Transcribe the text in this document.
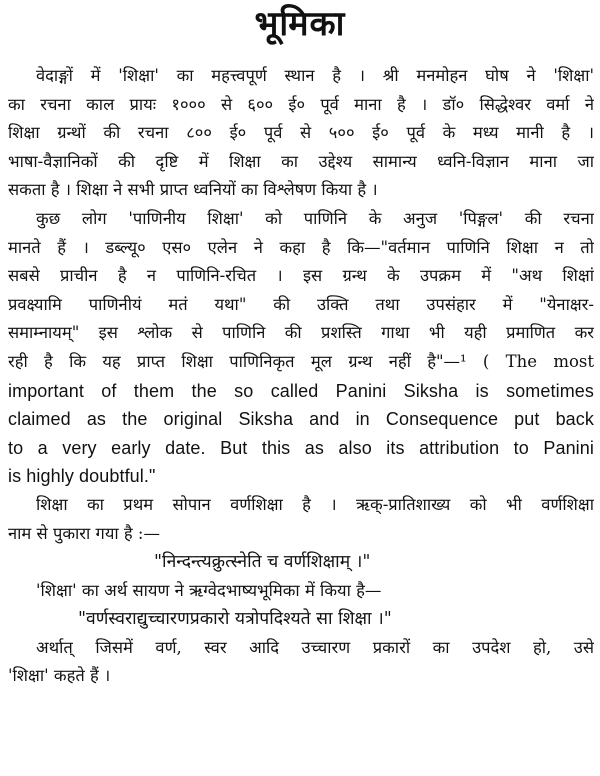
भूमिका
वेदाङ्गों में 'शिक्षा' का महत्त्वपूर्ण स्थान है । श्री मनमोहन घोष ने 'शिक्षा'
का रचना काल प्रायः १००० से ६०० ई० पूर्व माना है । डॉ० सिद्धेश्वर वर्मा ने
शिक्षा ग्रन्थों की रचना ८०० ई० पूर्व से ५०० ई० पूर्व के मध्य मानी है ।
भाषा-वैज्ञानिकों की दृष्टि में शिक्षा का उद्देश्य सामान्य ध्वनि-विज्ञान माना जा
सकता है । शिक्षा ने सभी प्राप्त ध्वनियों का विश्लेषण किया है ।
कुछ लोग 'पाणिनीय शिक्षा' को पाणिनि के अनुज 'पिङ्गल' की रचना
मानते हैं । डब्ल्यू० एस० एलेन ने कहा है कि—"वर्तमान पाणिनि शिक्षा न तो
सबसे प्राचीन है न पाणिनि-रचित । इस ग्रन्थ के उपक्रम में "अथ शिक्षां
प्रवक्ष्यामि पाणिनीयं मतं यथा" की उक्ति तथा उपसंहार में "येनाक्षर-
समाम्नायम्" इस श्लोक से पाणिनि की प्रशस्ति गाथा भी यही प्रमाणित कर
रही है कि यह प्राप्त शिक्षा पाणिनिकृत मूल ग्रन्थ नहीं है"—¹ ( The most
important of them the so called Panini Siksha is sometimes
claimed as the original Siksha and in Consequence put back
to a very early date. But this as also its attribution to Panini
is highly doubtful."
शिक्षा का प्रथम सोपान वर्णशिक्षा है । ऋक्-प्रातिशाख्य को भी वर्णशिक्षा
नाम से पुकारा गया है :—
"निन्दन्त्यक्रुत्स्नेति च वर्णशिक्षाम् ।"
'शिक्षा' का अर्थ सायण ने ऋग्वेदभाष्यभूमिका में किया है—
"वर्णस्वराद्युच्चारणप्रकारो यत्रोपदिश्यते सा शिक्षा ।"
अर्थात् जिसमें वर्ण, स्वर आदि उच्चारण प्रकारों का उपदेश हो, उसे
'शिक्षा' कहते हैं ।
